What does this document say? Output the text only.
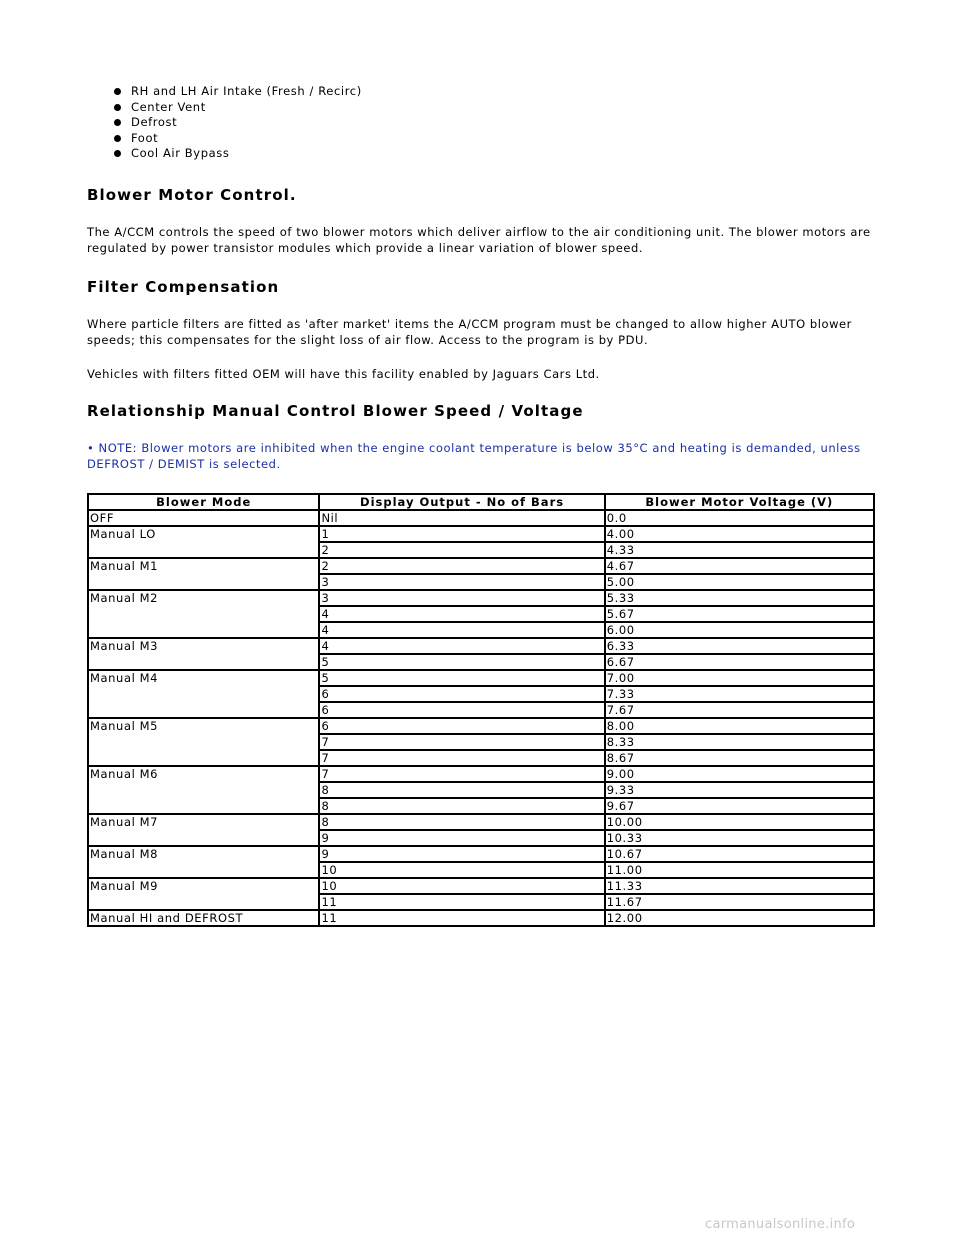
RH and LH Air Intake (Fresh / Recirc)
Center Vent
Defrost
Foot
Cool Air Bypass
Blower Motor Control.

The A/CCM controls the speed of two blower motors which deliver airflow to the air conditioning unit. The blower motors are regulated by power transistor modules which provide a linear variation of blower speed.

Filter Compensation

Where particle filters are fitted as 'after market' items the A/CCM program must be changed to allow higher AUTO blower speeds; this compensates for the slight loss of air flow. Access to the program is by PDU.

Vehicles with filters fitted OEM will have this facility enabled by Jaguars Cars Ltd.

Relationship Manual Control Blower Speed / Voltage

• NOTE: Blower motors are inhibited when the engine coolant temperature is below 35°C and heating is demanded, unless DEFROST / DEMIST is selected.

Blower Mode	Display Output - No of Bars	Blower Motor Voltage (V)
OFF	Nil	0.0
Manual LO	1	4.00
	2	4.33
Manual M1	2	4.67
	3	5.00
Manual M2	3	5.33
	4	5.67
	4	6.00
Manual M3	4	6.33
	5	6.67
Manual M4	5	7.00
	6	7.33
	6	7.67
Manual M5	6	8.00
	7	8.33
	7	8.67
Manual M6	7	9.00
	8	9.33
	8	9.67
Manual M7	8	10.00
	9	10.33
Manual M8	9	10.67
	10	11.00
Manual M9	10	11.33
	11	11.67
Manual HI and DEFROST	11	12.00
carmanualsonline.info
